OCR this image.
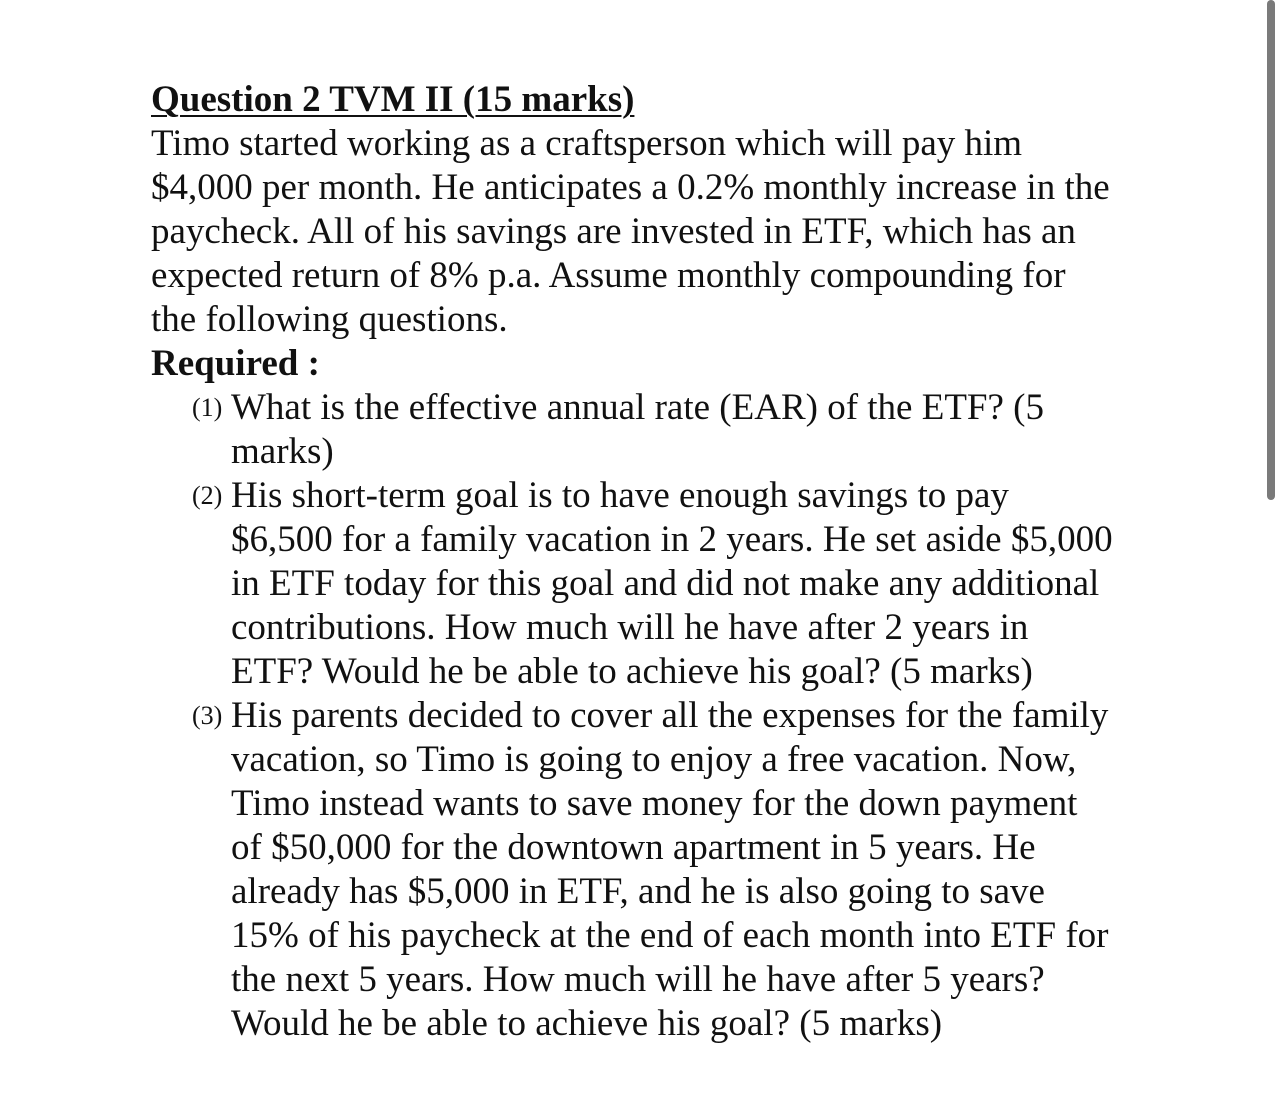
Question 2 TVM II (15 marks)
Timo started working as a craftsperson which will pay him
$4,000 per month. He anticipates a 0.2% monthly increase in the
paycheck. All of his savings are invested in ETF, which has an
expected return of 8% p.a. Assume monthly compounding for
the following questions.
Required :
(1) What is the effective annual rate (EAR) of the ETF? (5
marks)
(2) His short-term goal is to have enough savings to pay
$6,500 for a family vacation in 2 years. He set aside $5,000
in ETF today for this goal and did not make any additional
contributions. How much will he have after 2 years in
ETF? Would he be able to achieve his goal? (5 marks)
(3) His parents decided to cover all the expenses for the family
vacation, so Timo is going to enjoy a free vacation. Now,
Timo instead wants to save money for the down payment
of $50,000 for the downtown apartment in 5 years. He
already has $5,000 in ETF, and he is also going to save
15% of his paycheck at the end of each month into ETF for
the next 5 years. How much will he have after 5 years?
Would he be able to achieve his goal? (5 marks)
